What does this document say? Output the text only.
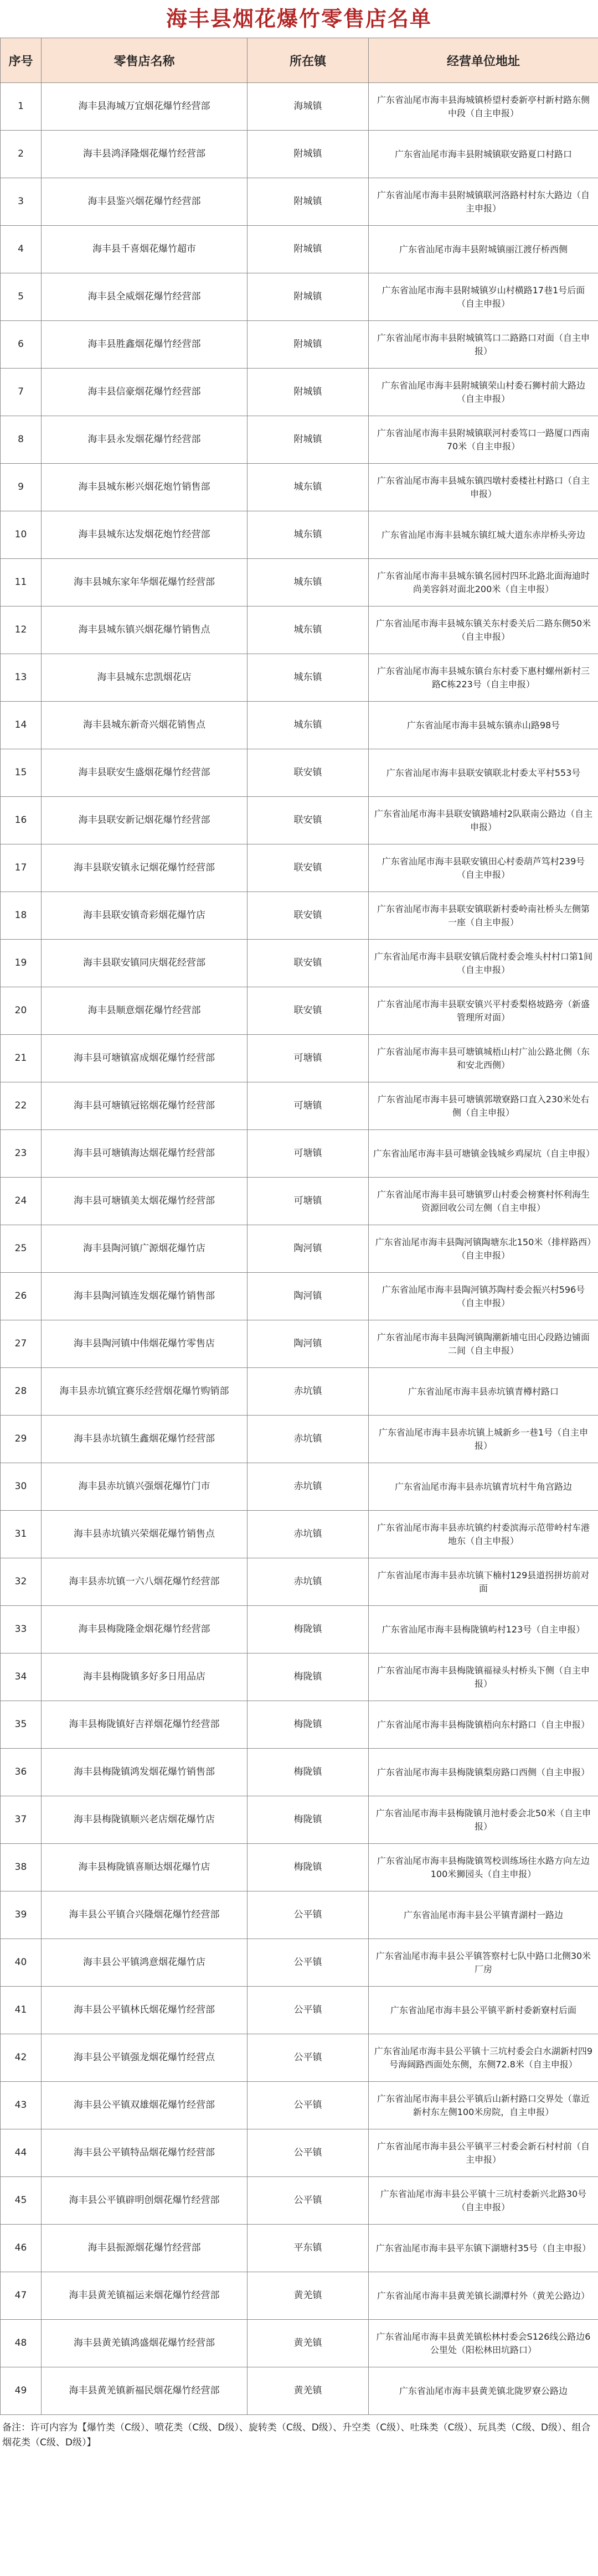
海丰县烟花爆竹零售店名单
序号	零售店名称	所在镇	经营单位地址
1	海丰县海城万宜烟花爆竹经营部	海城镇	广东省汕尾市海丰县海城镇桥望村委新亭村新村路东侧中段（自主申报）
2	海丰县鸿泽隆烟花爆竹经营部	附城镇	广东省汕尾市海丰县附城镇联安路夏口村路口
3	海丰县鉴兴烟花爆竹经营部	附城镇	广东省汕尾市海丰县附城镇联河洛路村村东大路边（自主申报）
4	海丰县千喜烟花爆竹超市	附城镇	广东省汕尾市海丰县附城镇丽江渡仔桥西侧
5	海丰县全威烟花爆竹经营部	附城镇	广东省汕尾市海丰县附城镇岁山村横路17巷1号后面（自主申报）
6	海丰县胜鑫烟花爆竹经营部	附城镇	广东省汕尾市海丰县附城镇笃口二路路口对面（自主申报）
7	海丰县信豪烟花爆竹经营部	附城镇	广东省汕尾市海丰县附城镇荣山村委石狮村前大路边（自主申报）
8	海丰县永发烟花爆竹经营部	附城镇	广东省汕尾市海丰县附城镇联河村委笃口一路厦口西南70米（自主申报）
9	海丰县城东彬兴烟花炮竹销售部	城东镇	广东省汕尾市海丰县城东镇四墩村委楼社村路口（自主申报）
10	海丰县城东达发烟花炮竹经营部	城东镇	广东省汕尾市海丰县城东镇红城大道东赤岸桥头旁边
11	海丰县城东家年华烟花爆竹经营部	城东镇	广东省汕尾市海丰县城东镇名园村四环北路北面海迪时尚美容斜对面北200米（自主申报）
12	海丰县城东镇兴烟花爆竹销售点	城东镇	广东省汕尾市海丰县城东镇关东村委关后二路东侧50米（自主申报）
13	海丰县城东忠凯烟花店	城东镇	广东省汕尾市海丰县城东镇台东村委下惠村螺州新村三路C栋223号（自主申报）
14	海丰县城东新奇兴烟花销售点	城东镇	广东省汕尾市海丰县城东镇赤山路98号
15	海丰县联安生盛烟花爆竹经营部	联安镇	广东省汕尾市海丰县联安镇联北村委太平村553号
16	海丰县联安新记烟花爆竹经营部	联安镇	广东省汕尾市海丰县联安镇路埔村2队联南公路边（自主申报）
17	海丰县联安镇永记烟花爆竹经营部	联安镇	广东省汕尾市海丰县联安镇田心村委葫芦笃村239号（自主申报）
18	海丰县联安镇奇彩烟花爆竹店	联安镇	广东省汕尾市海丰县联安镇联新村委岭南社桥头左侧第一座（自主申报）
19	海丰县联安镇同庆烟花经营部	联安镇	广东省汕尾市海丰县联安镇后陇村委会堆头村村口第1间（自主申报）
20	海丰县顺意烟花爆竹经营部	联安镇	广东省汕尾市海丰县联安镇兴平村委梨格坡路旁（新盛管理所对面）
21	海丰县可塘镇富成烟花爆竹经营部	可塘镇	广东省汕尾市海丰县可塘镇城梧山村广汕公路北侧（东和安北西侧）
22	海丰县可塘镇冠铭烟花爆竹经营部	可塘镇	广东省汕尾市海丰县可塘镇郭墩寮路口直入230米处右侧（自主申报）
23	海丰县可塘镇海达烟花爆竹经营部	可塘镇	广东省汕尾市海丰县可塘镇金钱城乡鸡屎坑（自主申报）
24	海丰县可塘镇美太烟花爆竹经营部	可塘镇	广东省汕尾市海丰县可塘镇罗山村委会榜赛村怀利海生资源回收公司左侧（自主申报）
25	海丰县陶河镇广源烟花爆竹店	陶河镇	广东省汕尾市海丰县陶河镇陶塘东北150米（排样路西）（自主申报）
26	海丰县陶河镇连发烟花爆竹销售部	陶河镇	广东省汕尾市海丰县陶河镇苏陶村委会振兴村596号（自主申报）
27	海丰县陶河镇中伟烟花爆竹零售店	陶河镇	广东省汕尾市海丰县陶河镇陶潮新埔屯田心段路边铺面二间（自主申报）
28	海丰县赤坑镇宜赛乐经营烟花爆竹购销部	赤坑镇	广东省汕尾市海丰县赤坑镇青樽村路口
29	海丰县赤坑镇生鑫烟花爆竹经营部	赤坑镇	广东省汕尾市海丰县赤坑镇上城新乡一巷1号（自主申报）
30	海丰县赤坑镇兴强烟花爆竹门市	赤坑镇	广东省汕尾市海丰县赤坑镇青坑村牛角宫路边
31	海丰县赤坑镇兴荣烟花爆竹销售点	赤坑镇	广东省汕尾市海丰县赤坑镇约村委滨海示范带岭村车港地东（自主申报）
32	海丰县赤坑镇一六八烟花爆竹经营部	赤坑镇	广东省汕尾市海丰县赤坑镇下楠村129县道拐拼坊前对面
33	海丰县梅陇隆金烟花爆竹经营部	梅陇镇	广东省汕尾市海丰县梅陇镇屿村123号（自主申报）
34	海丰县梅陇镇多好多日用品店	梅陇镇	广东省汕尾市海丰县梅陇镇福禄头村桥头下侧（自主申报）
35	海丰县梅陇镇好吉祥烟花爆竹经营部	梅陇镇	广东省汕尾市海丰县梅陇镇梧向东村路口（自主申报）
36	海丰县梅陇镇鸿发烟花爆竹销售部	梅陇镇	广东省汕尾市海丰县梅陇镇梨房路口西侧（自主申报）
37	海丰县梅陇镇顺兴老店烟花爆竹店	梅陇镇	广东省汕尾市海丰县梅陇镇月池村委会北50米（自主申报）
38	海丰县梅陇镇喜顺达烟花爆竹店	梅陇镇	广东省汕尾市海丰县梅陇镇驾校训练场往水路方向左边100米狮园头（自主申报）
39	海丰县公平镇合兴隆烟花爆竹经营部	公平镇	广东省汕尾市海丰县公平镇青湖村一路边
40	海丰县公平镇鸿意烟花爆竹店	公平镇	广东省汕尾市海丰县公平镇答察村七队中路口北侧30米厂房
41	海丰县公平镇林氏烟花爆竹经营部	公平镇	广东省汕尾市海丰县公平镇平新村委新寮村后面
42	海丰县公平镇强龙烟花爆竹经营点	公平镇	广东省汕尾市海丰县公平镇十三坑村委会白水湖新村四9号海阔路西面处东侧，东侧72.8米（自主申报）
43	海丰县公平镇双雄烟花爆竹经营部	公平镇	广东省汕尾市海丰县公平镇后山新村路口交界处（靠近新村东左侧100米房院，自主申报）
44	海丰县公平镇特品烟花爆竹经营部	公平镇	广东省汕尾市海丰县公平镇平三村委会新石村村前（自主申报）
45	海丰县公平镇辟明创烟花爆竹经营部	公平镇	广东省汕尾市海丰县公平镇十三坑村委新兴北路30号（自主申报）
46	海丰县振源烟花爆竹经营部	平东镇	广东省汕尾市海丰县平东镇下湖塘村35号（自主申报）
47	海丰县黄羌镇福运来烟花爆竹经营部	黄羌镇	广东省汕尾市海丰县黄羌镇长湖潭村外（黄羌公路边）
48	海丰县黄羌镇鸿盛烟花爆竹经营部	黄羌镇	广东省汕尾市海丰县黄羌镇松林村委会S126线公路边6公里处（阳松林田坑路口）
49	海丰县黄羌镇新福民烟花爆竹经营部	黄羌镇	广东省汕尾市海丰县黄羌镇北陇罗寮公路边
备注：许可内容为【爆竹类（C级）、喷花类（C级、D级）、旋转类（C级、D级）、升空类（C级）、吐珠类（C级）、玩具类（C级、D级）、组合烟花类（C级、D级）】
